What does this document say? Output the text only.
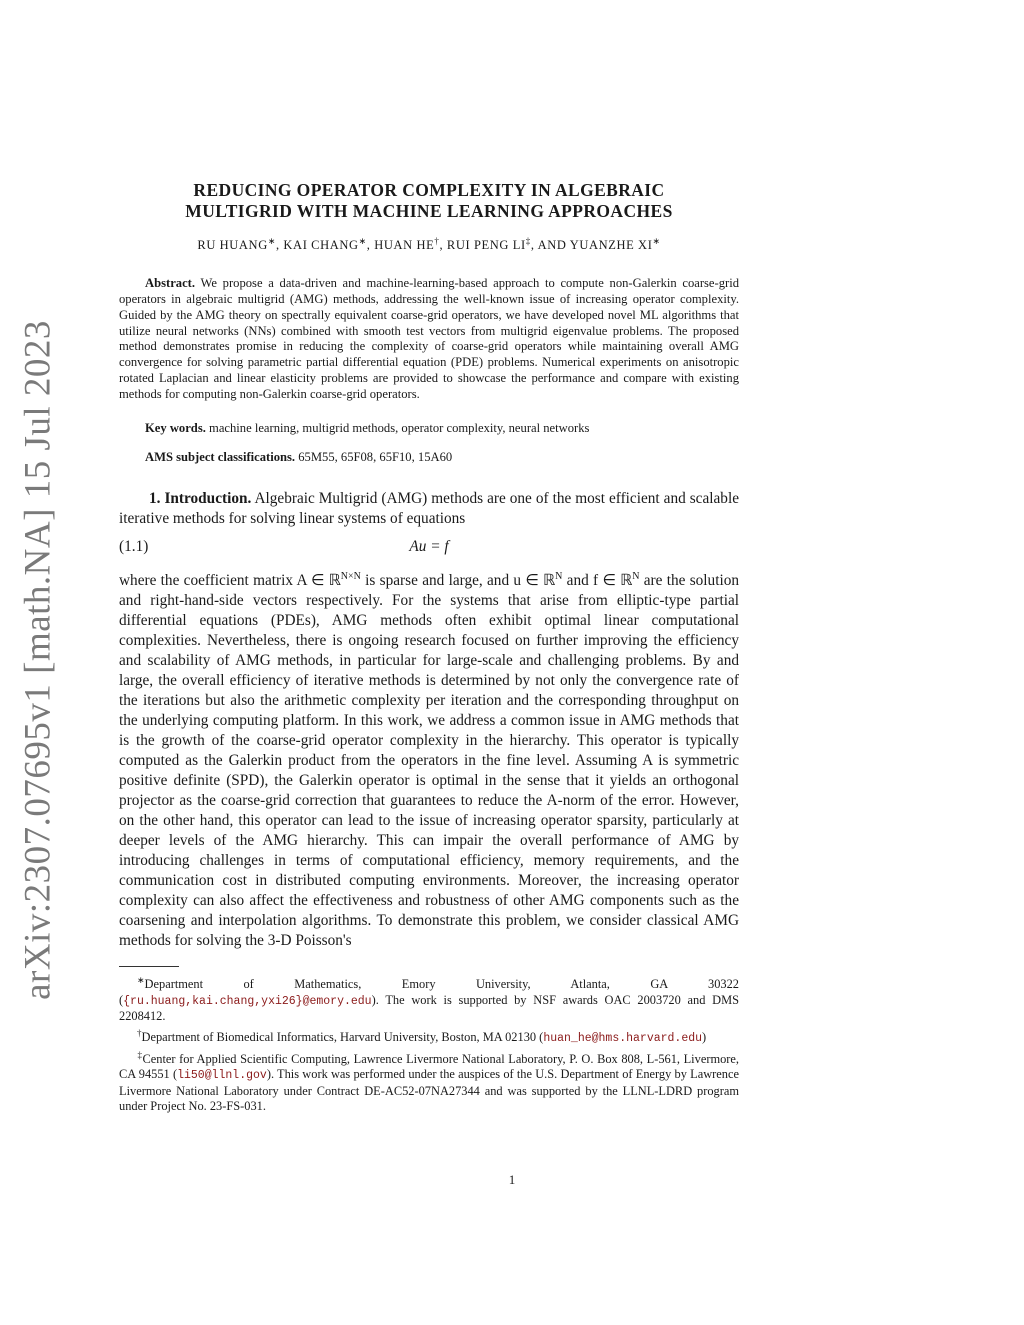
arXiv:2307.07695v1 [math.NA] 15 Jul 2023
REDUCING OPERATOR COMPLEXITY IN ALGEBRAIC
MULTIGRID WITH MACHINE LEARNING APPROACHES
RU HUANG∗, KAI CHANG∗, HUAN HE†, RUI PENG LI‡, AND YUANZHE XI∗

Abstract. We propose a data-driven and machine-learning-based approach to compute non-Galerkin coarse-grid operators in algebraic multigrid (AMG) methods, addressing the well-known issue of increasing operator complexity. Guided by the AMG theory on spectrally equivalent coarse-grid operators, we have developed novel ML algorithms that utilize neural networks (NNs) combined with smooth test vectors from multigrid eigenvalue problems. The proposed method demonstrates promise in reducing the complexity of coarse-grid operators while maintaining overall AMG convergence for solving parametric partial differential equation (PDE) problems. Numerical experiments on anisotropic rotated Laplacian and linear elasticity problems are provided to showcase the performance and compare with existing methods for computing non-Galerkin coarse-grid operators.

Key words. machine learning, multigrid methods, operator complexity, neural networks
AMS subject classifications. 65M55, 65F08, 65F10, 15A60

1. Introduction. Algebraic Multigrid (AMG) methods are one of the most efficient and scalable iterative methods for solving linear systems of equations

(1.1)	Au = f

where the coefficient matrix A ∈ ℝ$^{N\times N}$ is sparse and large, and u ∈ ℝ$^N$ and f ∈ ℝ$^N$ are the solution and right-hand-side vectors respectively. For the systems that arise from elliptic-type partial differential equations (PDEs), AMG methods often exhibit optimal linear computational complexities. Nevertheless, there is ongoing research focused on further improving the efficiency and scalability of AMG methods, in particular for large-scale and challenging problems. By and large, the overall efficiency of iterative methods is determined by not only the convergence rate of the iterations but also the arithmetic complexity per iteration and the corresponding throughput on the underlying computing platform. In this work, we address a common issue in AMG methods that is the growth of the coarse-grid operator complexity in the hierarchy. This operator is typically computed as the Galerkin product from the operators in the fine level. Assuming A is symmetric positive definite (SPD), the Galerkin operator is optimal in the sense that it yields an orthogonal projector as the coarse-grid correction that guarantees to reduce the A-norm of the error. However, on the other hand, this operator can lead to the issue of increasing operator sparsity, particularly at deeper levels of the AMG hierarchy. This can impair the overall performance of AMG by introducing challenges in terms of computational efficiency, memory requirements, and the communication cost in distributed computing environments. Moreover, the increasing operator complexity can also affect the effectiveness and robustness of other AMG components such as the coarsening and interpolation algorithms. To demonstrate this problem, we consider classical AMG methods for solving the 3-D Poisson's

∗Department of Mathematics, Emory University, Atlanta, GA 30322 ({ru.huang,kai.chang,yxi26}@emory.edu). The work is supported by NSF awards OAC 2003720 and DMS 2208412.

†Department of Biomedical Informatics, Harvard University, Boston, MA 02130 (huan_he@hms.harvard.edu)

‡Center for Applied Scientific Computing, Lawrence Livermore National Laboratory, P. O. Box 808, L-561, Livermore, CA 94551 (li50@llnl.gov). This work was performed under the auspices of the U.S. Department of Energy by Lawrence Livermore National Laboratory under Contract DE-AC52-07NA27344 and was supported by the LLNL-LDRD program under Project No. 23-FS-031.

1
